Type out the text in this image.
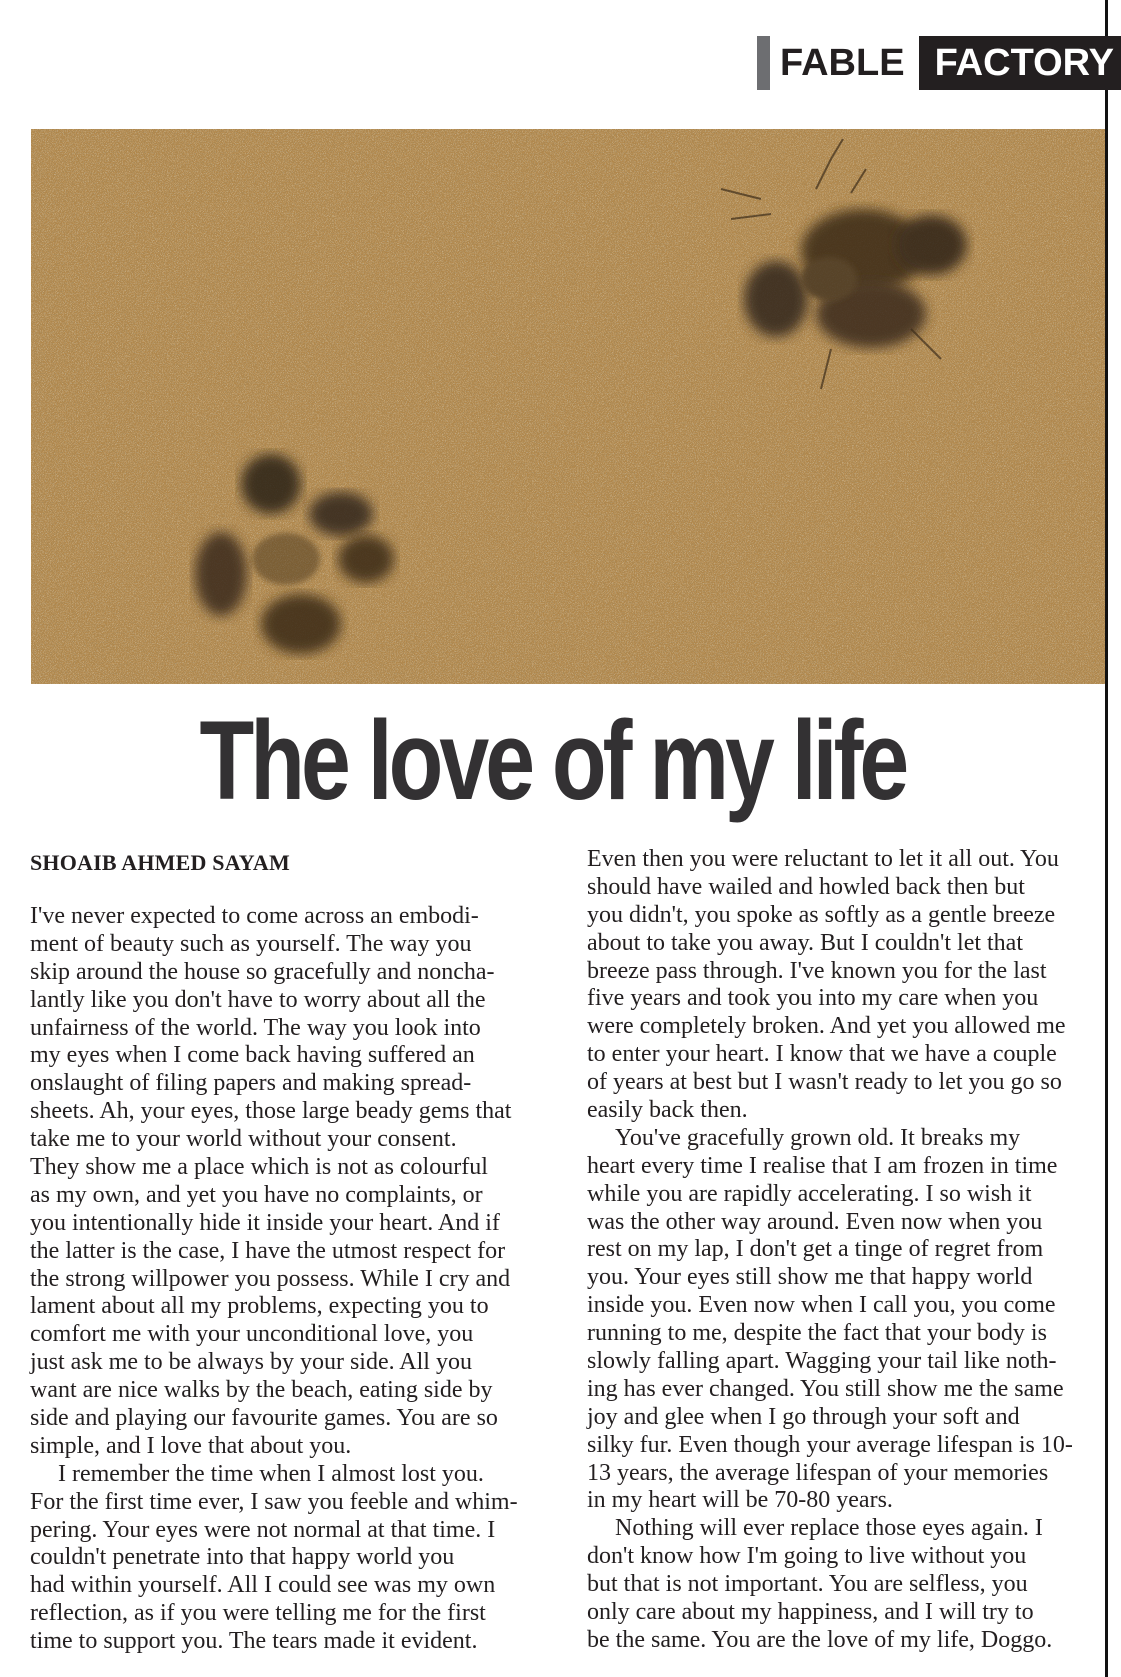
FABLE FACTORY
The love of my life
SHOAIB AHMED SAYAM
I've never expected to come across an embodi-
ment of beauty such as yourself. The way you
skip around the house so gracefully and noncha-
lantly like you don't have to worry about all the
unfairness of the world. The way you look into
my eyes when I come back having suffered an
onslaught of filing papers and making spread-
sheets. Ah, your eyes, those large beady gems that
take me to your world without your consent.
They show me a place which is not as colourful
as my own, and yet you have no complaints, or
you intentionally hide it inside your heart. And if
the latter is the case, I have the utmost respect for
the strong willpower you possess. While I cry and
lament about all my problems, expecting you to
comfort me with your unconditional love, you
just ask me to be always by your side. All you
want are nice walks by the beach, eating side by
side and playing our favourite games. You are so
simple, and I love that about you.
I remember the time when I almost lost you.
For the first time ever, I saw you feeble and whim-
pering. Your eyes were not normal at that time. I
couldn't penetrate into that happy world you
had within yourself. All I could see was my own
reflection, as if you were telling me for the first
time to support you. The tears made it evident.
Even then you were reluctant to let it all out. You
should have wailed and howled back then but
you didn't, you spoke as softly as a gentle breeze
about to take you away. But I couldn't let that
breeze pass through. I've known you for the last
five years and took you into my care when you
were completely broken. And yet you allowed me
to enter your heart. I know that we have a couple
of years at best but I wasn't ready to let you go so
easily back then.
You've gracefully grown old. It breaks my
heart every time I realise that I am frozen in time
while you are rapidly accelerating. I so wish it
was the other way around. Even now when you
rest on my lap, I don't get a tinge of regret from
you. Your eyes still show me that happy world
inside you. Even now when I call you, you come
running to me, despite the fact that your body is
slowly falling apart. Wagging your tail like noth-
ing has ever changed. You still show me the same
joy and glee when I go through your soft and
silky fur. Even though your average lifespan is 10-
13 years, the average lifespan of your memories
in my heart will be 70-80 years.
Nothing will ever replace those eyes again. I
don't know how I'm going to live without you
but that is not important. You are selfless, you
only care about my happiness, and I will try to
be the same. You are the love of my life, Doggo.
